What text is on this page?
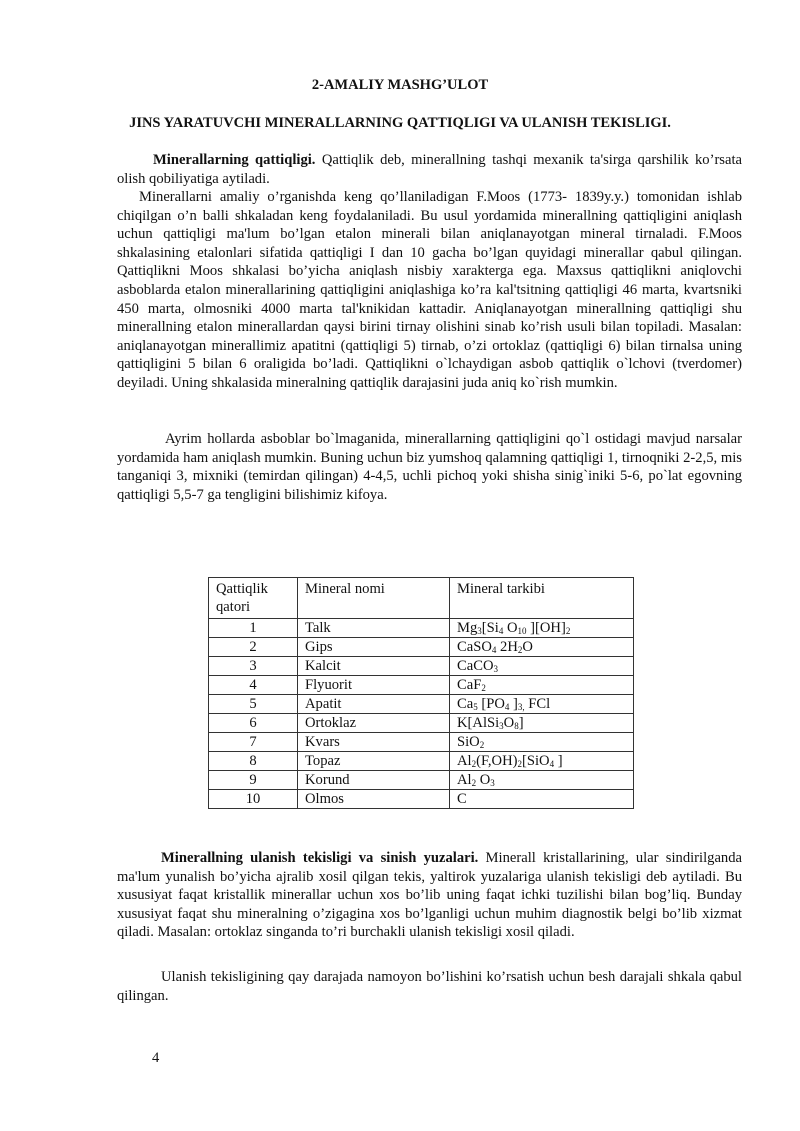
2-AMALIY MASHG’ULOT
JINS YARATUVCHI MINERALLARNING QATTIQLIGI VA ULANISH TEKISLIGI.

Minerallarning qattiqligi. Qattiqlik deb, minerallning tashqi mexanik ta'sirga qarshilik ko’rsata olish qobiliyatiga aytiladi.

Minerallarni amaliy o’rganishda keng qo’llaniladigan F.Moos (1773- 1839y.y.) tomonidan ishlab chiqilgan o’n balli shkaladan keng foydalaniladi. Bu usul yordamida minerallning qattiqligini aniqlash uchun qattiqligi ma'lum bo’lgan etalon minerali bilan aniqlanayotgan mineral tirnaladi. F.Moos shkalasining etalonlari sifatida qattiqligi I dan 10 gacha bo’lgan quyidagi minerallar qabul qilingan. Qattiqlikni Moos shkalasi bo’yicha aniqlash nisbiy xarakterga ega. Maxsus qattiqlikni aniqlovchi asboblarda etalon minerallarining qattiqligini aniqlashiga ko’ra kal'tsitning qattiqligi 46 marta, kvartsniki 450 marta, olmosniki 4000 marta tal'knikidan kattadir. Aniqlanayotgan minerallning qattiqligi shu minerallning etalon minerallardan qaysi birini tirnay olishini sinab ko’rish usuli bilan topiladi. Masalan: aniqlanayotgan minerallimiz apatitni (qattiqligi 5) tirnab, o’zi ortoklaz (qattiqligi 6) bilan tirnalsa uning qattiqligini 5 bilan 6 oraligida bo’ladi. Qattiqlikni o`lchaydigan asbob qattiqlik o`lchovi (tverdomer) deyiladi. Uning shkalasida mineralning qattiqlik darajasini juda aniq ko`rish mumkin.

Ayrim hollarda asboblar bo`lmaganida, minerallarning qattiqligini qo`l ostidagi mavjud narsalar yordamida ham aniqlash mumkin. Buning uchun biz yumshoq qalamning qattiqligi 1, tirnoqniki 2-2,5, mis tanganiqi 3, mixniki (temirdan qilingan) 4-4,5, uchli pichoq yoki shisha sinig`iniki 5-6, po`lat egovning qattiqligi 5,5-7 ga tengligini bilishimiz kifoya.

Qattiqlik qatori	Mineral nomi	Mineral tarkibi
1	Talk	$Mg_3[Si_4$ $O_{10}$ ]$[OH]_2$
2	Gips	CaSO$_4$ $2H_2O$
3	Kalcit	CaCO$_3$
4	Flyuorit	CaF$_2$
5	Apatit	$Ca_5$ [$PO_4$ ]$_{3,}$ FCl
6	Ortoklaz	$K[AlSi_3O_8]$
7	Kvars	SiO$_2$
8	Topaz	$Al_2(F,OH)_2[SiO_4$ ]
9	Korund	$Al_2$ $O_3$
10	Olmos	C

Minerallning ulanish tekisligi va sinish yuzalari. Minerall kristallarining, ular sindirilganda ma'lum yunalish bo’yicha ajralib xosil qilgan tekis, yaltirok yuzalariga ulanish tekisligi deb aytiladi. Bu xususiyat faqat kristallik minerallar uchun xos bo’lib uning faqat ichki tuzilishi bilan bog’liq. Bunday xususiyat faqat shu mineralning o’zigagina xos bo’lganligi uchun muhim diagnostik belgi bo’lib xizmat qiladi. Masalan: ortoklaz singanda to’ri burchakli ulanish tekisligi xosil qiladi.

Ulanish tekisligining qay darajada namoyon bo’lishini ko’rsatish uchun besh darajali shkala qabul qilingan.

4
